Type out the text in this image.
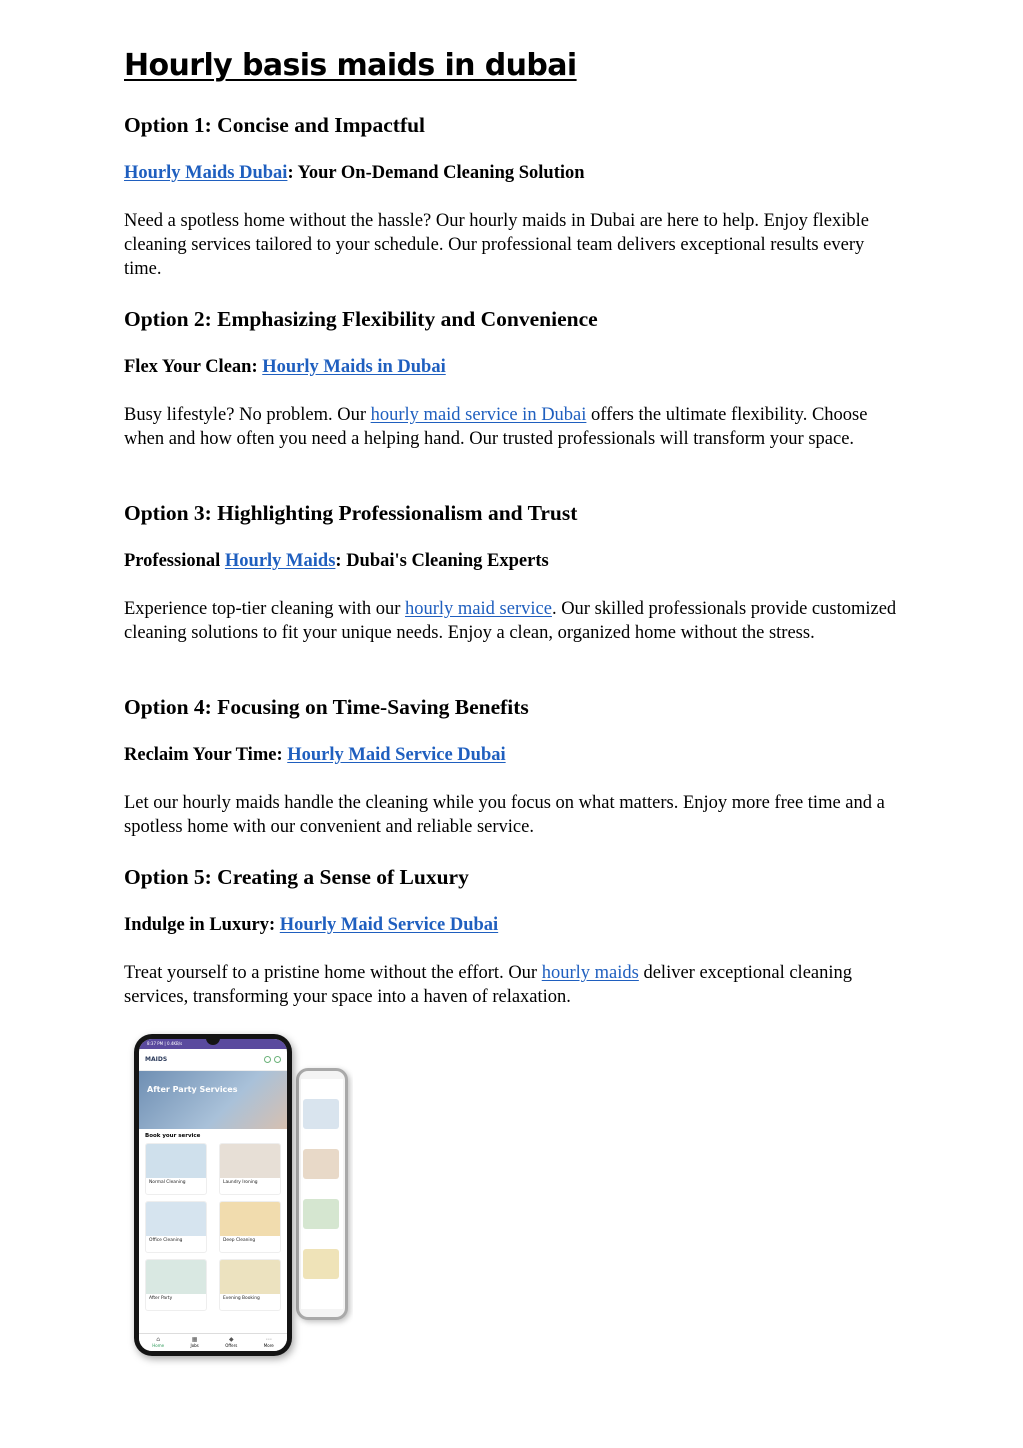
Hourly basis maids in dubai

Option 1: Concise and Impactful

Hourly Maids Dubai: Your On-Demand Cleaning Solution

Need a spotless home without the hassle? Our hourly maids in Dubai are here to help. Enjoy flexible cleaning services tailored to your schedule. Our professional team delivers exceptional results every time.

Option 2: Emphasizing Flexibility and Convenience

Flex Your Clean: Hourly Maids in Dubai

Busy lifestyle? No problem. Our hourly maid service in Dubai offers the ultimate flexibility. Choose when and how often you need a helping hand. Our trusted professionals will transform your space.

Option 3: Highlighting Professionalism and Trust

Professional Hourly Maids: Dubai's Cleaning Experts

Experience top-tier cleaning with our hourly maid service. Our skilled professionals provide customized cleaning solutions to fit your unique needs. Enjoy a clean, organized home without the stress.

Option 4: Focusing on Time-Saving Benefits

Reclaim Your Time: Hourly Maid Service Dubai

Let our hourly maids handle the cleaning while you focus on what matters. Enjoy more free time and a spotless home with our convenient and reliable service.

Option 5: Creating a Sense of Luxury

Indulge in Luxury: Hourly Maid Service Dubai

Treat yourself to a pristine home without the effort. Our hourly maids deliver exceptional cleaning services, transforming your space into a haven of relaxation.

8:37 PM | 0.4KB/s
MAIDS
After Party Services
Book your service
Normal Cleaning	Laundry Ironing
Office Cleaning	Deep Cleaning
After Party	Evening Booking
⌂
Home
▦
Jobs
◆
Offers
⋯
More
